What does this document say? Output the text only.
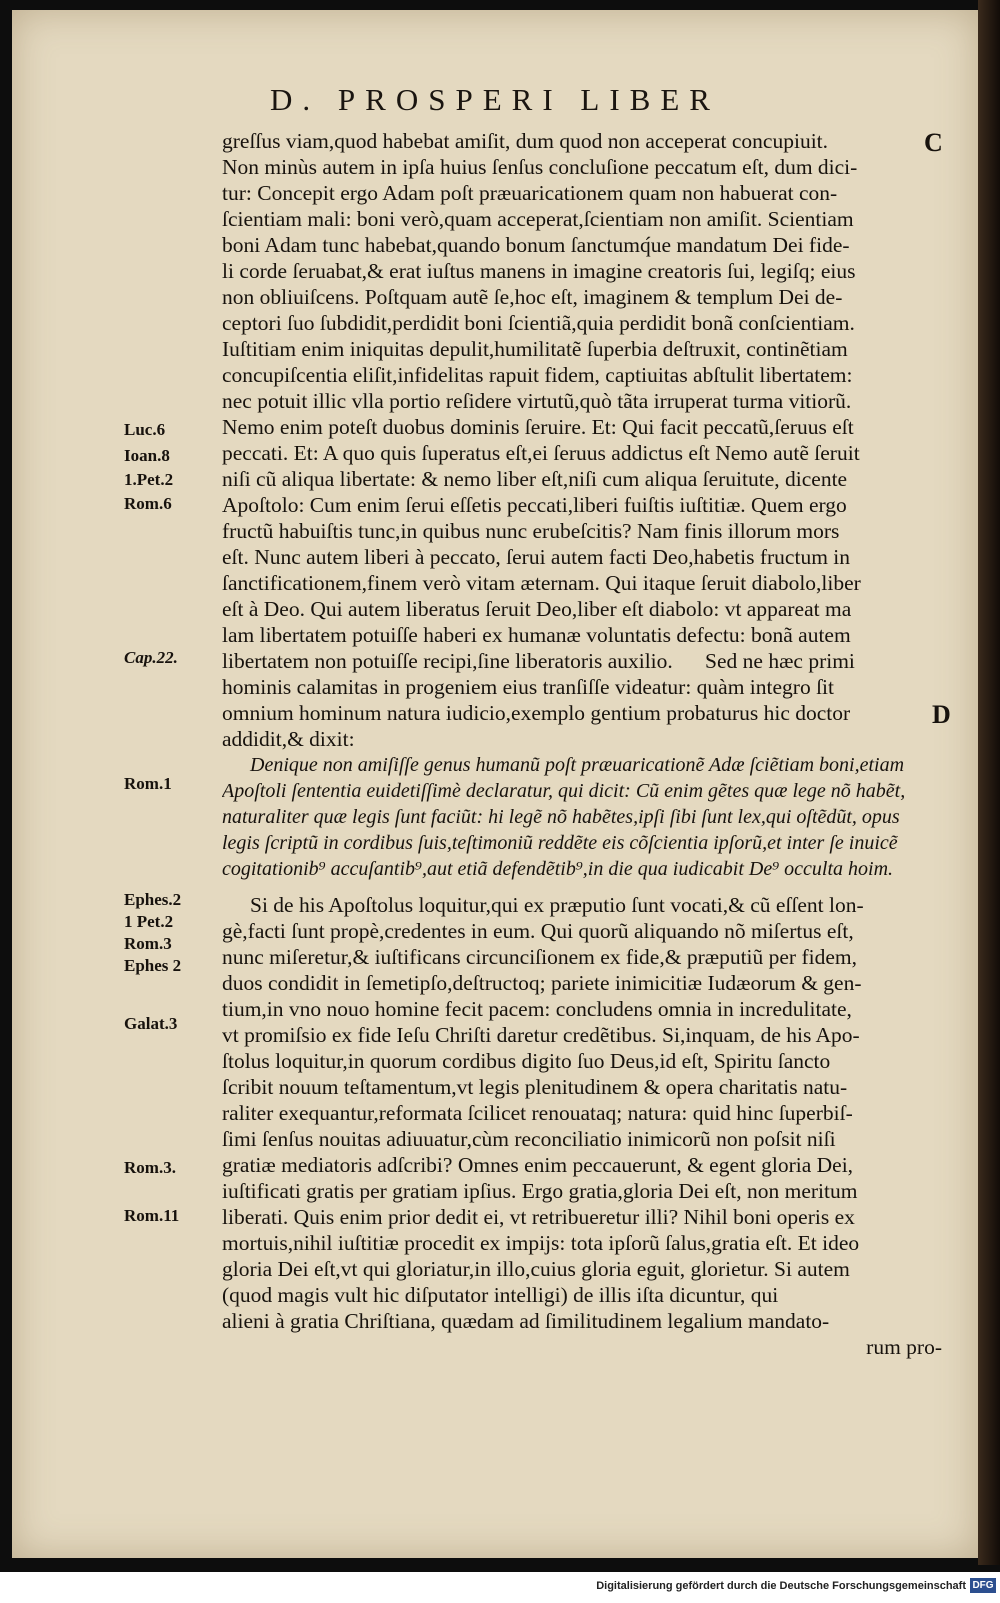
D. PROSPERI LIBER
C
D
Luc.6
Ioan.8
1.Pet.2
Rom.6
Cap.22.
Rom.1
Ephes.2
1 Pet.2
Rom.3
Ephes 2
Galat.3
Rom.3.
Rom.11
greſſus viam,quod habebat amiſit, dum quod non acceperat concupiuit.
Non minùs autem in ipſa huius ſenſus concluſione peccatum eſt, dum dici-
tur: Concepit ergo Adam poſt præuaricationem quam non habuerat con-
ſcientiam mali: boni verò,quam acceperat,ſcientiam non amiſit. Scientiam
boni Adam tunc habebat,quando bonum ſanctumq́ue mandatum Dei fide-
li corde ſeruabat,& erat iuſtus manens in imagine creatoris ſui, legiſq; eius
non obliuiſcens. Poſtquam autẽ ſe,hoc eſt, imaginem & templum Dei de-
ceptori ſuo ſubdidit,perdidit boni ſcientiã,quia perdidit bonã conſcientiam.
Iuſtitiam enim iniquitas depulit,humilitatẽ ſuperbia deſtruxit, continẽtiam
concupiſcentia eliſit,infidelitas rapuit fidem, captiuitas abſtulit libertatem:
nec potuit illic vlla portio reſidere virtutũ,quò tãta irruperat turma vitiorũ.
Nemo enim poteſt duobus dominis ſeruire. Et: Qui facit peccatũ,ſeruus eſt
peccati. Et: A quo quis ſuperatus eſt,ei ſeruus addictus eſt Nemo autẽ ſeruit
niſi cũ aliqua libertate: & nemo liber eſt,niſi cum aliqua ſeruitute, dicente
Apoſtolo: Cum enim ſerui eſſetis peccati,liberi fuiſtis iuſtitiæ. Quem ergo
fructũ habuiſtis tunc,in quibus nunc erubeſcitis? Nam finis illorum mors
eſt. Nunc autem liberi à peccato, ſerui autem facti Deo,habetis fructum in
ſanctificationem,finem verò vitam æternam. Qui itaque ſeruit diabolo,liber
eſt à Deo. Qui autem liberatus ſeruit Deo,liber eſt diabolo: vt appareat ma
lam libertatem potuiſſe haberi ex humanæ voluntatis defectu: bonã autem
libertatem non potuiſſe recipi,ſine liberatoris auxilio.      Sed ne hæc primi
hominis calamitas in progeniem eius tranſiſſe videatur: quàm integro ſit
omnium hominum natura iudicio,exemplo gentium probaturus hic doctor
addidit,& dixit:
Denique non amiſiſſe genus humanũ poſt præuaricationẽ Adæ ſciẽtiam boni,etiam
Apoſtoli ſententia euidetiſſimè declaratur, qui dicit: Cũ enim gẽtes quæ lege nõ habẽt,
naturaliter quæ legis ſunt faciũt: hi legẽ nõ habẽtes,ipſi ſibi ſunt lex,qui oſtẽdũt, opus
legis ſcriptũ in cordibus ſuis,teſtimoniũ reddẽte eis cõſcientia ipſorũ,et inter ſe inuicẽ
cogitationib⁹ accuſantib⁹,aut etiã defendẽtib⁹,in die qua iudicabit De⁹ occulta hoim.
Si de his Apoſtolus loquitur,qui ex præputio ſunt vocati,& cũ eſſent lon-
gè,facti ſunt propè,credentes in eum. Qui quorũ aliquando nõ miſertus eſt,
nunc miſeretur,& iuſtificans circunciſionem ex fide,& præputiũ per fidem,
duos condidit in ſemetipſo,deſtructoq; pariete inimicitiæ Iudæorum & gen-
tium,in vno nouo homine fecit pacem: concludens omnia in incredulitate,
vt promiſsio ex fide Ieſu Chriſti daretur credẽtibus. Si,inquam, de his Apo-
ſtolus loquitur,in quorum cordibus digito ſuo Deus,id eſt, Spiritu ſancto
ſcribit nouum teſtamentum,vt legis plenitudinem & opera charitatis natu-
raliter exequantur,reformata ſcilicet renouataq; natura: quid hinc ſuperbiſ-
ſimi ſenſus nouitas adiuuatur,cùm reconciliatio inimicorũ non poſsit niſi
gratiæ mediatoris adſcribi? Omnes enim peccauerunt, & egent gloria Dei,
iuſtificati gratis per gratiam ipſius. Ergo gratia,gloria Dei eſt, non meritum
liberati. Quis enim prior dedit ei, vt retribueretur illi? Nihil boni operis ex
mortuis,nihil iuſtitiæ procedit ex impijs: tota ipſorũ ſalus,gratia eſt. Et ideo
gloria Dei eſt,vt qui gloriatur,in illo,cuius gloria eguit, glorietur. Si autem
(quod magis vult hic diſputator intelligi) de illis iſta dicuntur, qui
alieni à gratia Chriſtiana, quædam ad ſimilitudinem legalium mandato-
rum pro-
Digitalisierung gefördert durch die Deutsche Forschungsgemeinschaft DFG
